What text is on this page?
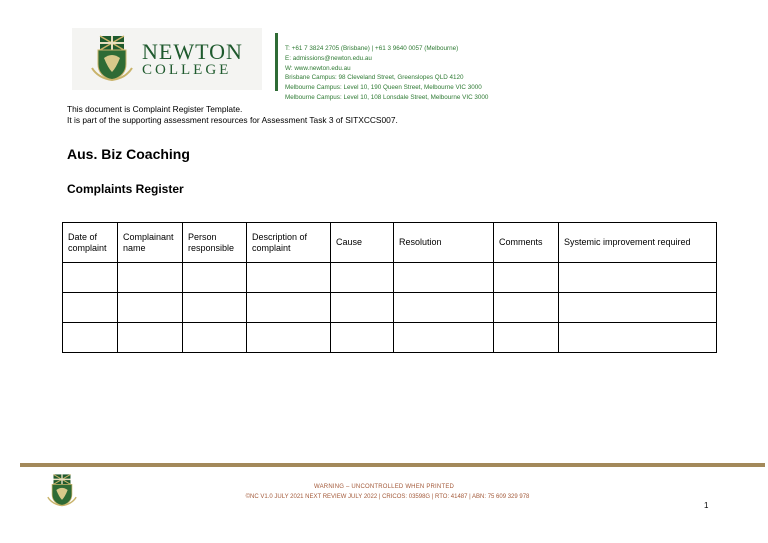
NEWTON
COLLEGE
T: +61 7 3824 2705 (Brisbane) | +61 3 9640 0057 (Melbourne)
E: admissions@newton.edu.au
W: www.newton.edu.au
Brisbane Campus: 98 Cleveland Street, Greenslopes QLD 4120
Melbourne Campus: Level 10, 190 Queen Street, Melbourne VIC 3000
Melbourne Campus: Level 10, 108 Lonsdale Street, Melbourne VIC 3000
This document is Complaint Register Template.
It is part of the supporting assessment resources for Assessment Task 3 of SITXCCS007.
Aus. Biz Coaching
Complaints Register
Date of complaint	Complainant name	Person responsible	Description of complaint	Cause	Resolution	Comments	Systemic improvement required

WARNING – UNCONTROLLED WHEN PRINTED
©NC V1.0 JULY 2021 NEXT REVIEW JULY 2022 | CRICOS: 03598G | RTO: 41487 | ABN: 75 609 329 978
1
